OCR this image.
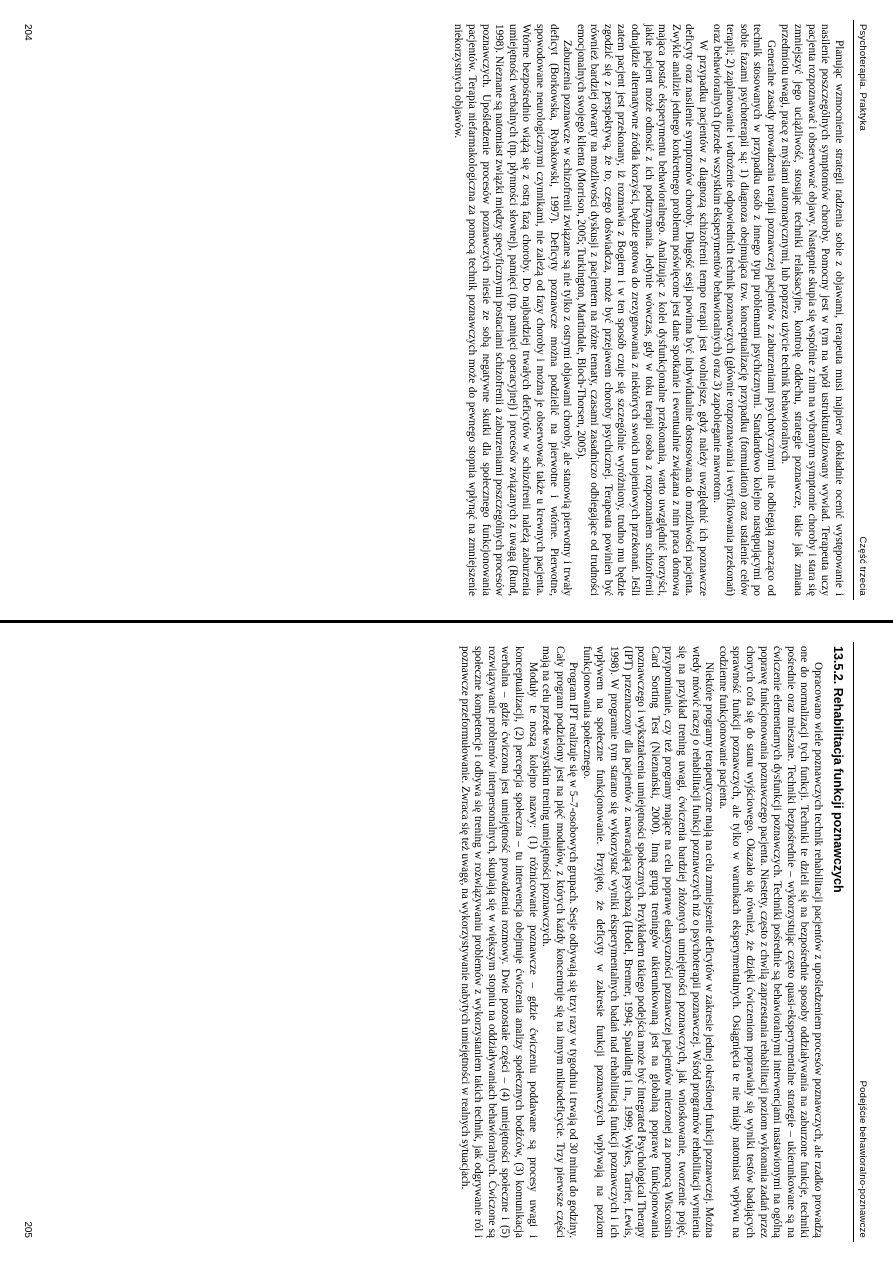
Psychoterapia. Praktyka
Część trzecia

Planując wzmocnienie strategii radzenia sobie z objawami, terapeuta musi najpierw dokładnie ocenić występowanie i nasilenie poszczególnych symptomów choroby. Pomocny jest w tym na wpół ustrukturalizowany wywiad. Terapeuta uczy pacjenta rozpoznawać i obserwować objawy. Następnie skupia się wspólnie z nim na wybranym symptomie choroby i stara się zmniejszyć jego uciążliwość, stosując techniki relaksacyjne, kontrolę oddechu, strategie poznawcze, takie jak zmiana przedmiotu uwagi, pracę z myślami automatycznymi, lub poprzez użycie technik behawioralnych.

Generalne zasady prowadzenia terapii poznawczej pacjentów z zaburzeniami psychotycznymi nie odbiegają znacząco od technik stosowanych w przypadku osób z innego typu problemami psychicznymi. Standardowo kolejno następującymi po sobie fazami psychoterapii są: 1) diagnoza obejmująca tzw. konceptualizację przypadku (formulation) oraz ustalenie celów terapii; 2) zaplanowanie i wdrożenie odpowiednich technik poznawczych (głównie rozpoznawania i weryfikowania przekonań) oraz behawioralnych (przede wszystkim eksperymentów behawioralnych) oraz 3) zapobieganie nawrotom.

W przypadku pacjentów z diagnozą schizofrenii tempo terapii jest wolniejsze, gdyż należy uwzględnić ich poznawcze deficyty oraz nasilenie symptomów choroby. Długość sesji powinna być indywidualnie dostosowana do możliwości pacjenta. Zwykle analizie jednego konkretnego problemu poświęcone jest dane spotkanie i ewentualnie związana z nim praca domowa mająca postać eksperymentu behawioralnego. Analizując z kolei dysfunkcjonalne przekonania, warto uwzględnić korzyści, jakie pacjent może odnosić z ich podtrzymania. Jedynie wówczas, gdy w toku terapii osoba z rozpoznaniem schizofrenii odnajdzie alternatywne źródła korzyści, będzie gotowa do zrezygnowania z niektórych swoich urojeniowych przekonań. Jeśli zatem pacjent jest przekonany, iż rozmawia z Bogiem i w ten sposób czuje się szczególnie wyróżniony, trudno mu będzie zgodzić się z perspektywą, że to, czego doświadcza, może być przejawem choroby psychicznej. Terapeuta powinien być również bardziej otwarty na możliwości dyskusji z pacjentem na różne tematy, czasami zasadniczo odbiegające od trudności emocjonalnych swojego klienta (Morrison, 2005; Turkington, Martindale, Bloch-Thorsen, 2005).

Zaburzenia poznawcze w schizofrenii związane są nie tylko z ostrymi objawami choroby, ale stanowią pierwotny i trwały deficyt (Borkowska, Rybakowski, 1997). Deficyty poznawcze można podzielić na pierwotne i wtórne. Pierwotne, spowodowane neurologicznymi czynnikami, nie zależą od fazy choroby i można je obserwować także u krewnych pacjenta. Wtórne bezpośrednio wiążą się z ostrą fazą choroby. Do najbardziej trwałych deficytów w schizofrenii należą zaburzenia umiejętności werbalnych (np. płynności słownej), pamięci (np. pamięci operacyjnej) i procesów związanych z uwagą (Rund, 1998). Nieznane są natomiast związki między specyficznymi postaciami schizofrenii a zaburzeniami poszczególnych procesów poznawczych. Upośledzenie procesów poznawczych niesie ze sobą negatywne skutki dla społecznego funkcjonowania pacjentów. Terapia niefarmakologiczna za pomocą technik poznawczych może do pewnego stopnia wpłynąć na zmniejszenie niekorzystnych objawów.

204
Podejście behawioralno-poznawcze
13.5.2. Rehabilitacja funkcji poznawczych

Opracowano wiele poznawczych technik rehabilitacji pacjentów z upośledzeniem procesów poznawczych, ale rzadko prowadzą one do normalizacji tych funkcji. Techniki te dzieli się na bezpośrednie sposoby oddziaływania na zaburzone funkcje, techniki pośrednie oraz mieszane. Techniki bezpośrednie – wykorzystując często quasi-eksperymentalne strategie – ukierunkowane są na ćwiczenie elementarnych dysfunkcji poznawczych. Techniki pośrednie są behawioralnymi interwencjami nastawionymi na ogólną poprawę funkcjonowania poznawczego pacjenta. Niestety, często z chwilą zaprzestania rehabilitacji poziom wykonania zadań przez chorych cofa się do stanu wyjściowego. Okazało się również, że dzięki ćwiczeniom poprawiały się wyniki testów badających sprawność funkcji poznawczych, ale tylko w warunkach eksperymentalnych. Osiągnięcia te nie miały natomiast wpływu na codzienne funkcjonowanie pacjenta.

Niektóre programy terapeutyczne mają na celu zmniejszenie deficytów w zakresie jednej określonej funkcji poznawczej. Można wtedy mówić raczej o rehabilitacji funkcji poznawczych niż o psychoterapii poznawczej. Wśród programów rehabilitacji wymienia się na przykład trening uwagi, ćwiczenia bardziej złożonych umiejętności poznawczych, jak wnioskowanie, tworzenie pojęć, przypominanie, czy też programy mające na celu poprawę elastyczności poznawczej pacjentów mierzonej za pomocą Wisconsin Card Sorting Test (Nieznański, 2000). Inną grupą treningów ukierunkowaną jest na globalną poprawę funkcjonowania poznawczego i wykształcenia umiejętności społecznych. Przykładem takiego podejścia może być Integrated Psychological Therapy (IPT) przeznaczony dla pacjentów z nawracającą psychozą (Hodel, Brenner, 1994; Spaulding i in., 1999; Wykes, Tarrier, Lewis, 1998). W programie tym starano się wykorzystać wyniki eksperymentalnych badań nad rehabilitacją funkcji poznawczych i ich wpływem na społeczne funkcjonowanie. Przyjęto, że deficyty w zakresie funkcji poznawczych wpływają na poziom funkcjonowania społecznego.

Program IPT realizuje się w 5–7-osobowych grupach. Sesje odbywają się trzy razy w tygodniu i trwają od 30 minut do godziny. Cały program podzielony jest na pięć modułów, z których każdy koncentruje się na innym mikrodeficycie. Trzy pierwsze części mają na celu przede wszystkim trening umiejętności poznawczych.

Moduły te noszą kolejno nazwy: (1) różnicowanie poznawcze – gdzie ćwiczeniu poddawane są procesy uwagi i konceptualizacji, (2) percepcja społeczna – tu interwencja obejmuje ćwiczenia analizy społecznych bodźców, (3) komunikacja werbalna – gdzie ćwiczona jest umiejętność prowadzenia rozmowy. Dwie pozostałe części – (4) umiejętności społeczne i (5) rozwiązywanie problemów interpersonalnych, skupiają się w większym stopniu na oddziaływaniach behawioralnych. Ćwiczone są społeczne kompetencje i odbywa się trening w rozwiązywaniu problemów z wykorzystaniem takich technik, jak odgrywanie ról i poznawcze przeformułowanie. Zwraca się też uwagę, na wykorzystywanie nabytych umiejętności w realnych sytuacjach.

205
